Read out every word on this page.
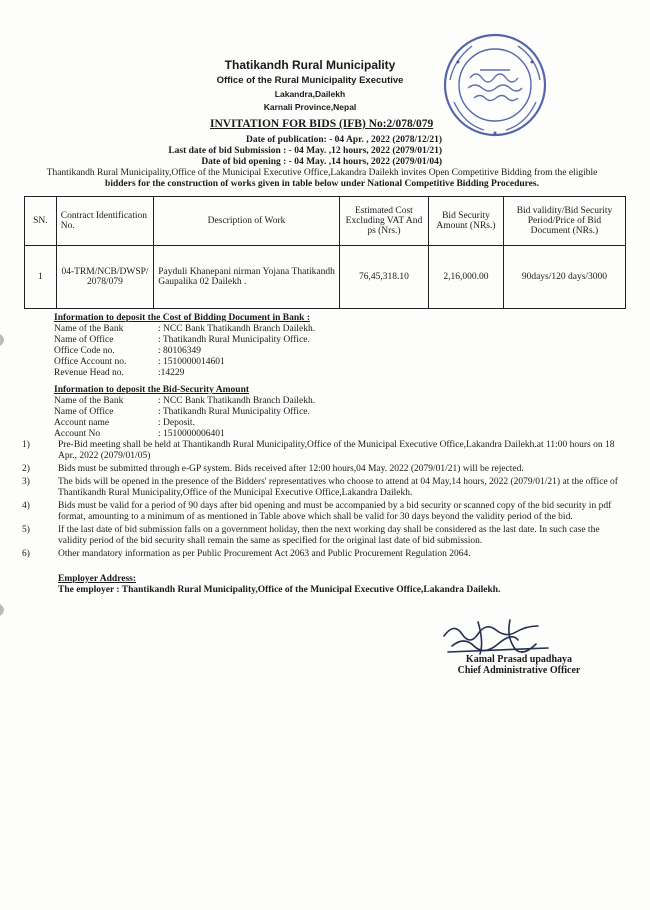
Thatikandh Rural Municipality
Office of the Rural Municipality Executive
Lakandra,Dailekh
Karnali Province,Nepal
INVITATION FOR BIDS (IFB) No:2/078/079
Date of publication: - 04 Apr. , 2022 (2078/12/21)
Last date of bid Submission : - 04 May. ,12 hours, 2022 (2079/01/21)
Date of bid opening : - 04 May. ,14 hours, 2022 (2079/01/04)
Thantikandh Rural Municipality,Office of the Municipal Executive Office,Lakandra Dailekh invites Open Competitive Bidding from the eligible
bidders for the construction of works given in table below under National Competitive Bidding Procedures.
SN.	Contract Identification No.	Description of Work	Estimated Cost Excluding VAT And ps (Nrs.)	Bid Security Amount (NRs.)	Bid validity/Bid Security Period/Price of Bid Document (NRs.)
1	04-TRM/NCB/DWSP/2078/079	Payduli Khanepani nirman Yojana Thatikandh Gaupalika 02 Dailekh .	76,45,318.10	2,16,000.00	90days/120 days/3000
Information to deposit the Cost of Bidding Document in Bank :
Name of the Bank	: NCC Bank Thatikandh Branch Dailekh.
Name of Office	: Thatikandh Rural Municipality Office.
Office Code no.	: 80106349
Office Account no.	: 1510000014601
Revenue Head no.	:14229
Information to deposit the Bid-Security Amount
Name of the Bank	: NCC Bank Thatikandh Branch Dailekh.
Name of Office	: Thatikandh Rural Municipality Office.
Account name	: Deposit.
Account No	: 1510000006401
1)	Pre-Bid meeting shall be held at Thantikandh Rural Municipality,Office of the Municipal Executive Office,Lakandra Dailekh.at 11:00 hours on 18 Apr., 2022 (2079/01/05)
2)	Bids must be submitted through e-GP system. Bids received after 12:00 hours,04 May. 2022 (2079/01/21) will be rejected.
3)	The bids will be opened in the presence of the Bidders' representatives who choose to attend at 04 May,14 hours, 2022 (2079/01/21) at the office of Thantikandh Rural Municipality,Office of the Municipal Executive Office,Lakandra Dailekh.
4)	Bids must be valid for a period of 90 days after bid opening and must be accompanied by a bid security or scanned copy of the bid security in pdf format, amounting to a minimum of as mentioned in Table above which shall be valid for 30 days beyond the validity period of the bid.
5)	If the last date of bid submission falls on a government holiday, then the next working day shall be considered as the last date. In such case the validity period of the bid security shall remain the same as specified for the original last date of bid submission.
6)	Other mandatory information as per Public Procurement Act 2063 and Public Procurement Regulation 2064.
Employer Address:
The employer : Thantikandh Rural Municipality,Office of the Municipal Executive Office,Lakandra Dailekh.
Kamal Prasad upadhaya
Chief Administrative Officer
